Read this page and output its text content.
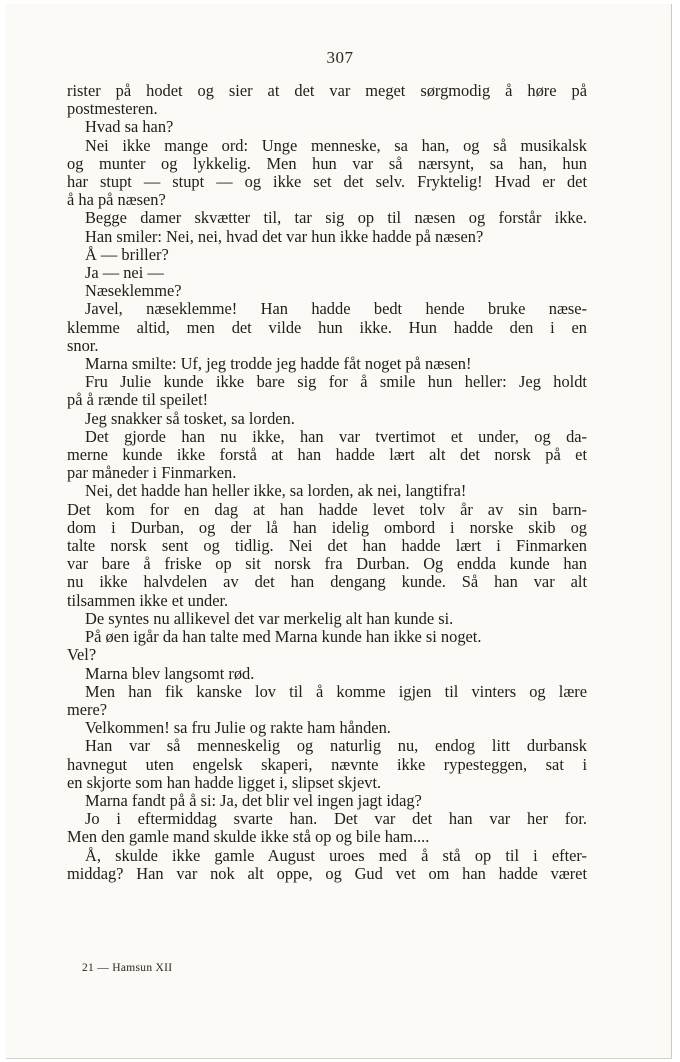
307
rister på hodet og sier at det var meget sørgmodig å høre på
postmesteren.
Hvad sa han?
Nei ikke mange ord: Unge menneske, sa han, og så musikalsk
og munter og lykkelig. Men hun var så nærsynt, sa han, hun
har stupt — stupt — og ikke set det selv. Fryktelig! Hvad er det
å ha på næsen?
Begge damer skvætter til, tar sig op til næsen og forstår ikke.
Han smiler: Nei, nei, hvad det var hun ikke hadde på næsen?
Å — briller?
Ja — nei —
Næseklemme?
Javel, næseklemme! Han hadde bedt hende bruke næse-
klemme altid, men det vilde hun ikke. Hun hadde den i en
snor.
Marna smilte: Uf, jeg trodde jeg hadde fåt noget på næsen!
Fru Julie kunde ikke bare sig for å smile hun heller: Jeg holdt
på å rænde til speilet!
Jeg snakker så tosket, sa lorden.
Det gjorde han nu ikke, han var tvertimot et under, og da-
merne kunde ikke forstå at han hadde lært alt det norsk på et
par måneder i Finmarken.
Nei, det hadde han heller ikke, sa lorden, ak nei, langtifra!
Det kom for en dag at han hadde levet tolv år av sin barn-
dom i Durban, og der lå han idelig ombord i norske skib og
talte norsk sent og tidlig. Nei det han hadde lært i Finmarken
var bare å friske op sit norsk fra Durban. Og endda kunde han
nu ikke halvdelen av det han dengang kunde. Så han var alt
tilsammen ikke et under.
De syntes nu allikevel det var merkelig alt han kunde si.
På øen igår da han talte med Marna kunde han ikke si noget.
Vel?
Marna blev langsomt rød.
Men han fik kanske lov til å komme igjen til vinters og lære
mere?
Velkommen! sa fru Julie og rakte ham hånden.
Han var så menneskelig og naturlig nu, endog litt durbansk
havnegut uten engelsk skaperi, nævnte ikke rypesteggen, sat i
en skjorte som han hadde ligget i, slipset skjevt.
Marna fandt på å si: Ja, det blir vel ingen jagt idag?
Jo i eftermiddag svarte han. Det var det han var her for.
Men den gamle mand skulde ikke stå op og bile ham....
Å, skulde ikke gamle August uroes med å stå op til i efter-
middag? Han var nok alt oppe, og Gud vet om han hadde været
21 — Hamsun XII
